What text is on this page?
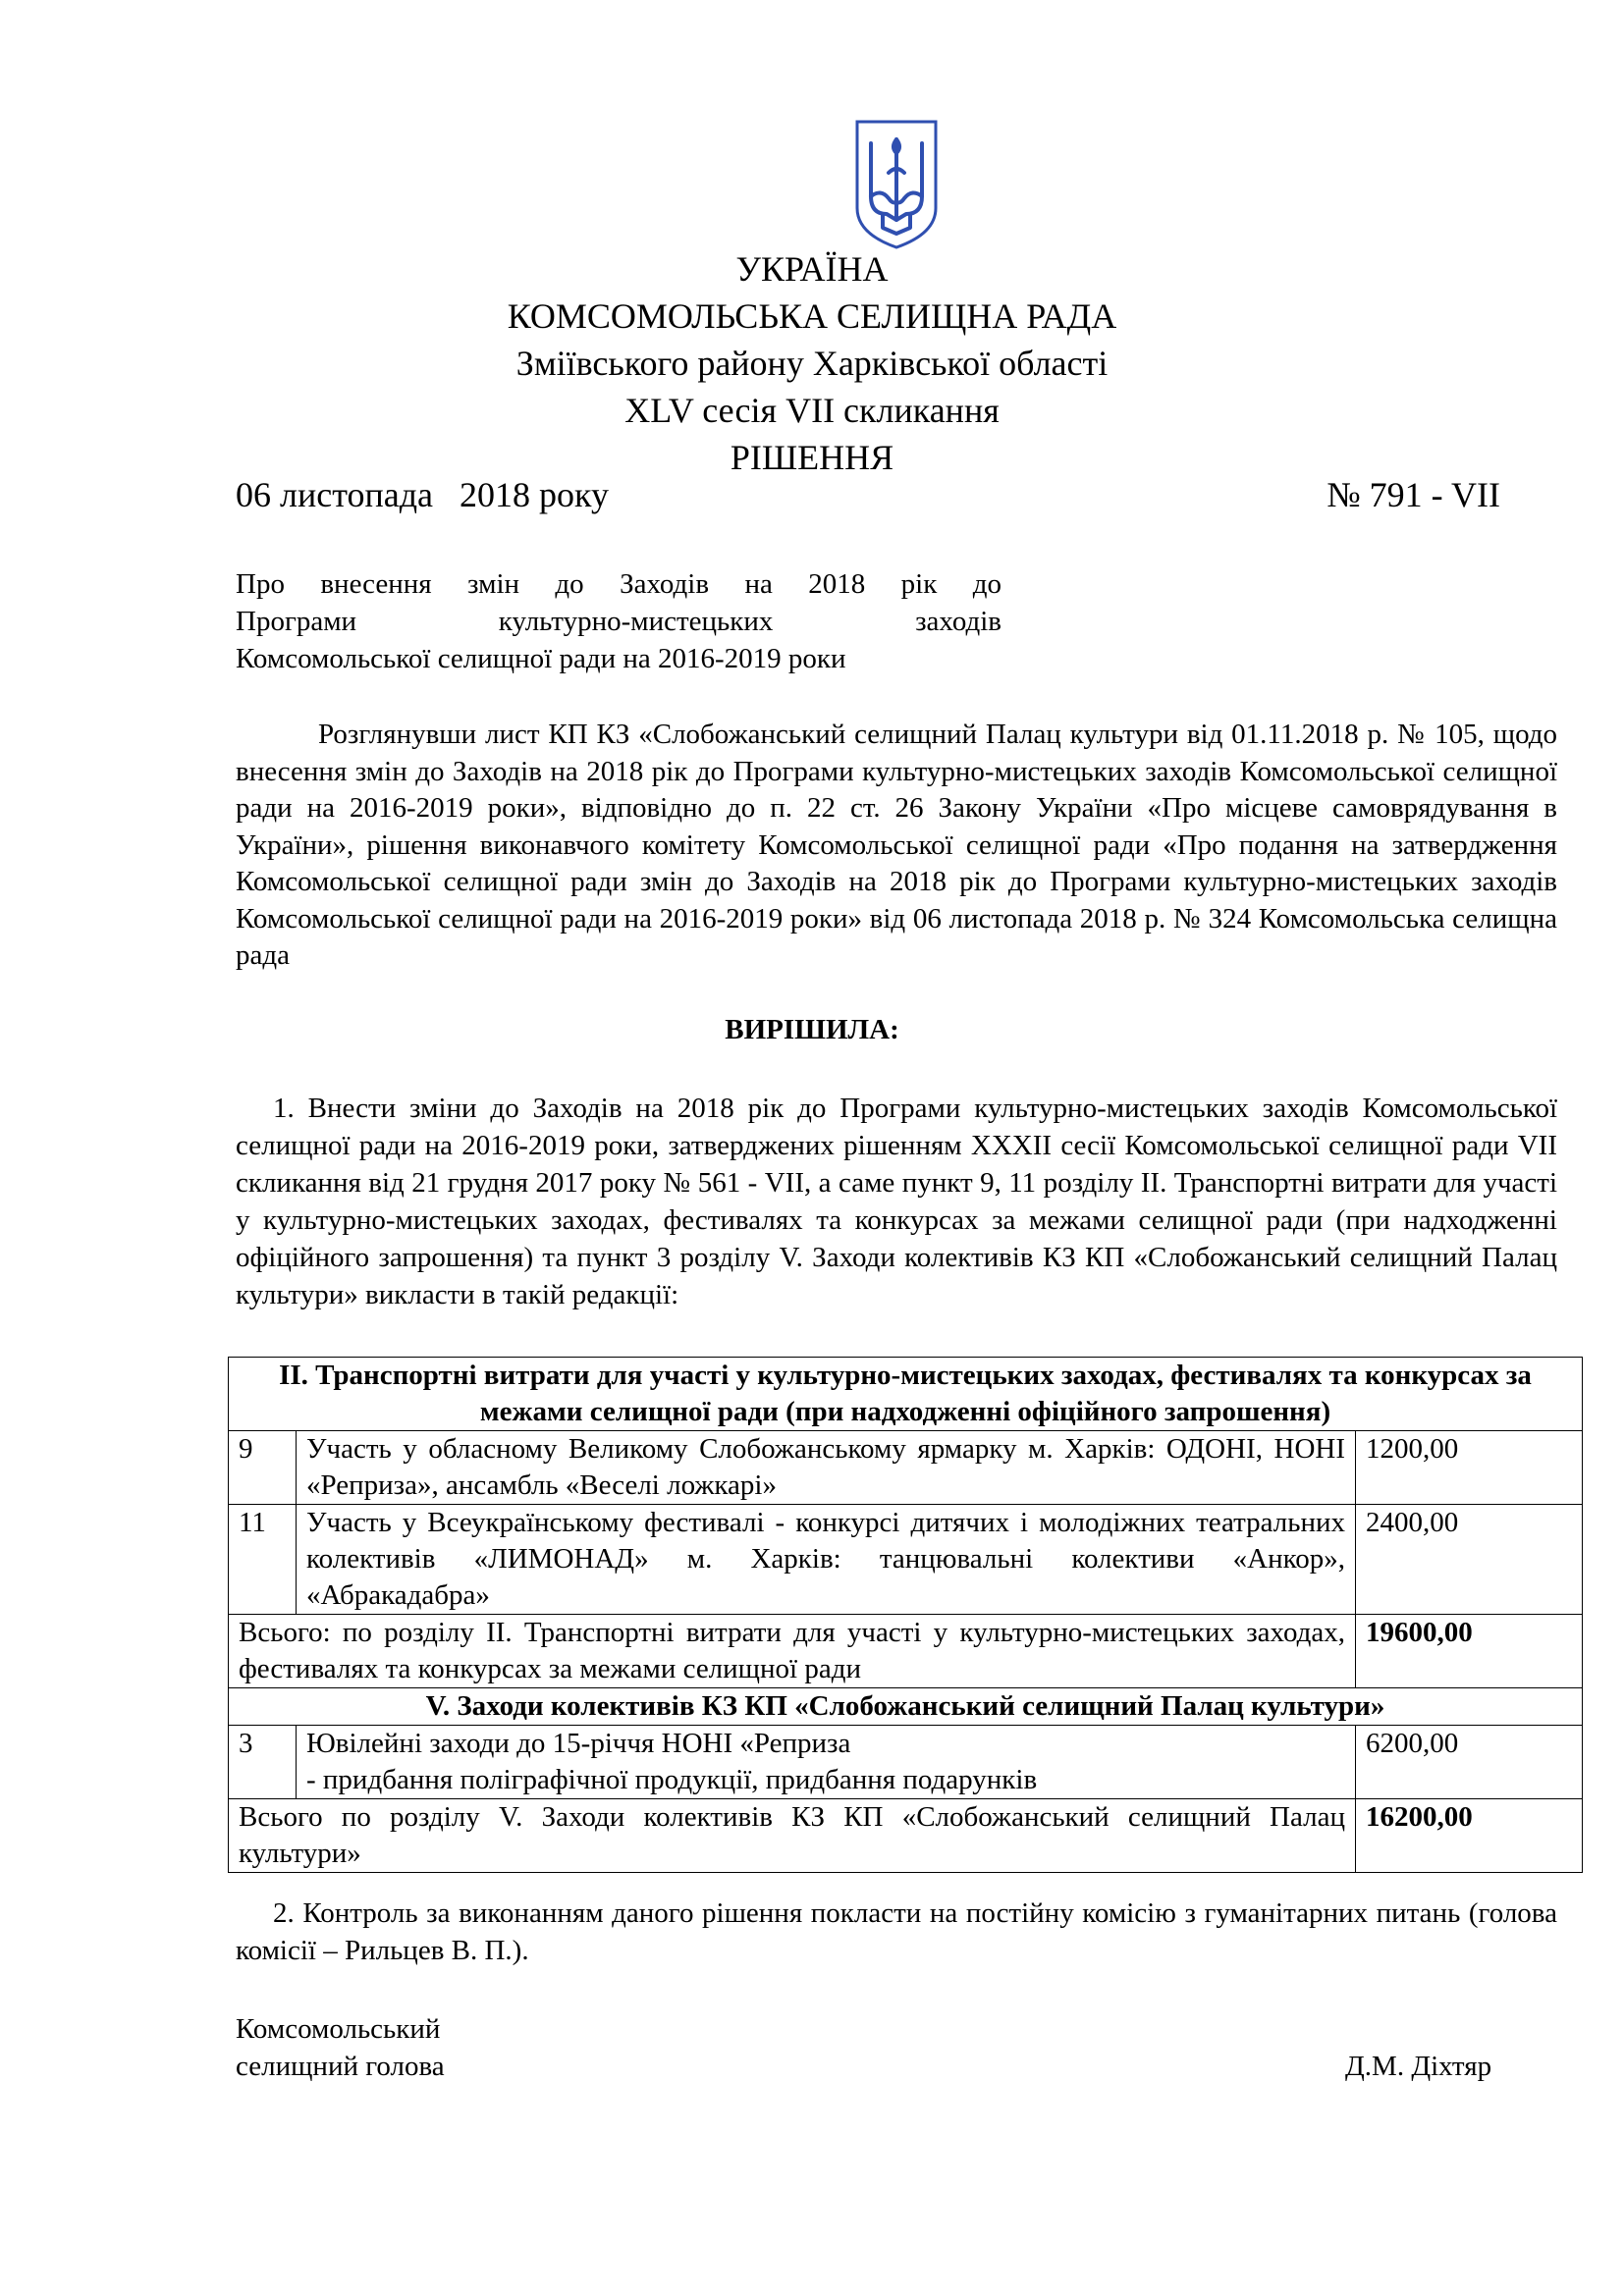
УКРАЇНА
КОМСОМОЛЬСЬКА СЕЛИЩНА РАДА
Зміївського району Харківської області
XLV сесія VII скликання
РІШЕННЯ
06 листопада   2018 року	№ 791 - VII
Про внесення змін до Заходів на 2018 рік до
Програми культурно-мистецьких заходів
Комсомольської селищної ради на 2016-2019 роки

Розглянувши лист КП КЗ «Слобожанський селищний Палац культури від 01.11.2018 р. № 105, щодо внесення змін до Заходів на 2018 рік до Програми культурно-мистецьких заходів Комсомольської селищної ради на 2016-2019 роки», відповідно до п. 22 ст. 26 Закону України «Про місцеве самоврядування в України», рішення виконавчого комітету Комсомольської селищної ради «Про подання на затвердження Комсомольської селищної ради змін до Заходів на 2018 рік до Програми культурно-мистецьких заходів Комсомольської селищної ради на 2016-2019 роки» від 06 листопада 2018 р. № 324 Комсомольська селищна рада

ВИРІШИЛА:

1. Внести зміни до Заходів на 2018 рік до Програми культурно-мистецьких заходів Комсомольської селищної ради на 2016-2019 роки, затверджених рішенням XXXII сесії Комсомольської селищної ради VII скликання від 21 грудня 2017 року № 561 - VII, а саме пункт 9, 11 розділу ІІ. Транспортні витрати для участі у культурно-мистецьких заходах, фестивалях та конкурсах за межами селищної ради (при надходженні офіційного запрошення) та пункт 3 розділу V. Заходи колективів КЗ КП «Слобожанський селищний Палац культури» викласти в такій редакції:

ІІ. Транспортні витрати для участі у культурно-мистецьких заходах, фестивалях та конкурсах за межами селищної ради (при надходженні офіційного запрошення)		
9	Участь у обласному Великому Слобожанському ярмарку м. Харків: ОДОНІ, НОНІ «Реприза», ансамбль «Веселі ложкарі»	1200,00
11	Участь у Всеукраїнському фестивалі - конкурсі дитячих і молодіжних театральних колективів «ЛИМОНАД» м. Харків: танцювальні колективи «Анкор», «Абракадабра»	2400,00
Всього: по розділу ІІ. Транспортні витрати для участі у культурно-мистецьких заходах, фестивалях та конкурсах за межами селищної ради		19600,00
V. Заходи колективів КЗ КП «Слобожанський селищний Палац культури»		
3	Ювілейні заходи до 15-річчя НОНІ «Реприза
- придбання поліграфічної продукції, придбання подарунків	6200,00
Всього по розділу V. Заходи колективів КЗ КП «Слобожанський селищний Палац культури»		16200,00

2. Контроль за виконанням даного рішення покласти на постійну комісію з гуманітарних питань (голова комісії – Рильцев В. П.).

Комсомольський
селищний голова	Д.М. Діхтяр
